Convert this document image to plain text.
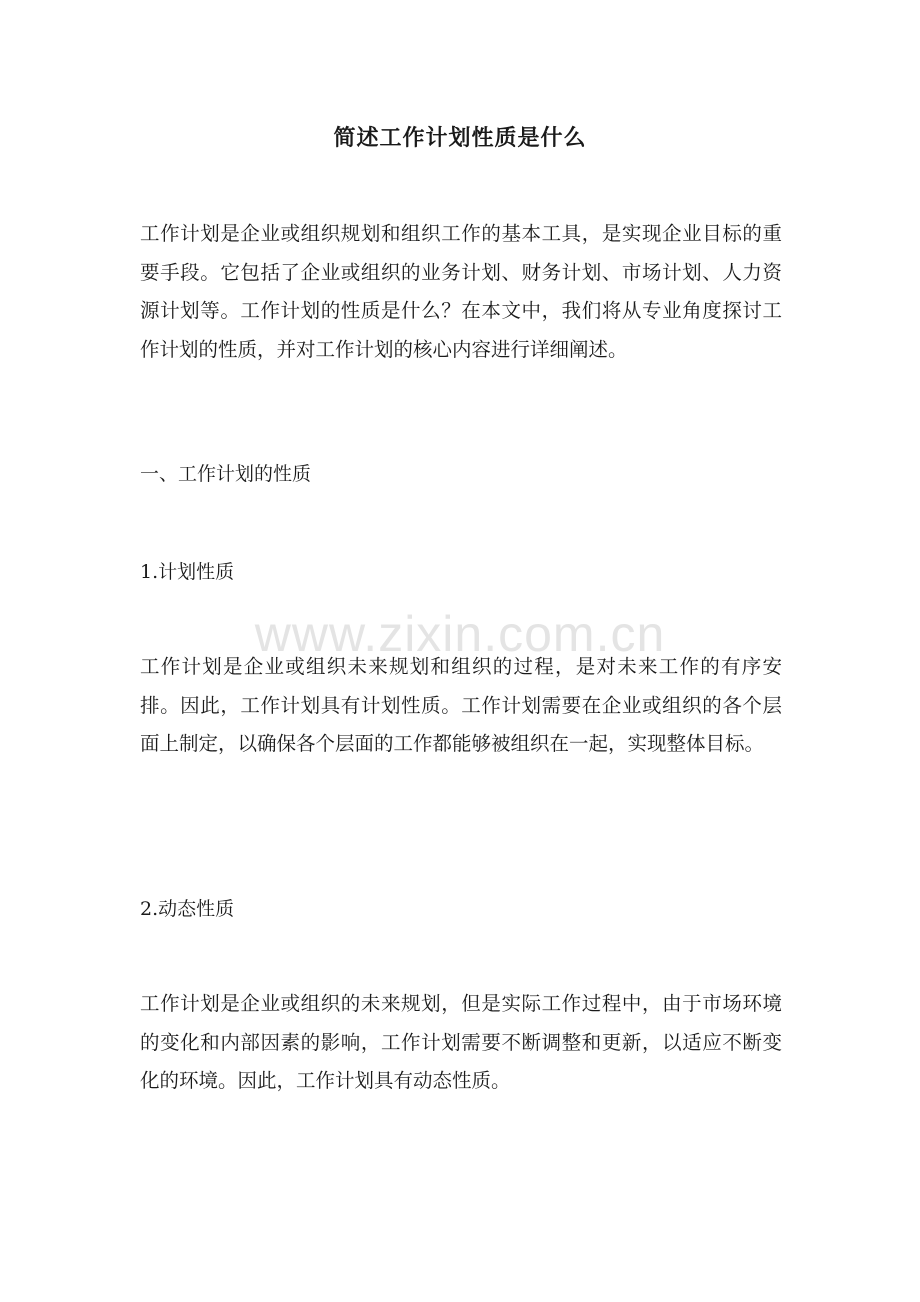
简述工作计划性质是什么

工作计划是企业或组织规划和组织工作的基本工具，是实现企业目标的重要手段。它包括了企业或组织的业务计划、财务计划、市场计划、人力资源计划等。工作计划的性质是什么？在本文中，我们将从专业角度探讨工作计划的性质，并对工作计划的核心内容进行详细阐述。

一、工作计划的性质

1.计划性质

www.zixin.com.cn

工作计划是企业或组织未来规划和组织的过程，是对未来工作的有序安排。因此，工作计划具有计划性质。工作计划需要在企业或组织的各个层面上制定，以确保各个层面的工作都能够被组织在一起，实现整体目标。

2.动态性质

工作计划是企业或组织的未来规划，但是实际工作过程中，由于市场环境的变化和内部因素的影响，工作计划需要不断调整和更新，以适应不断变化的环境。因此，工作计划具有动态性质。
